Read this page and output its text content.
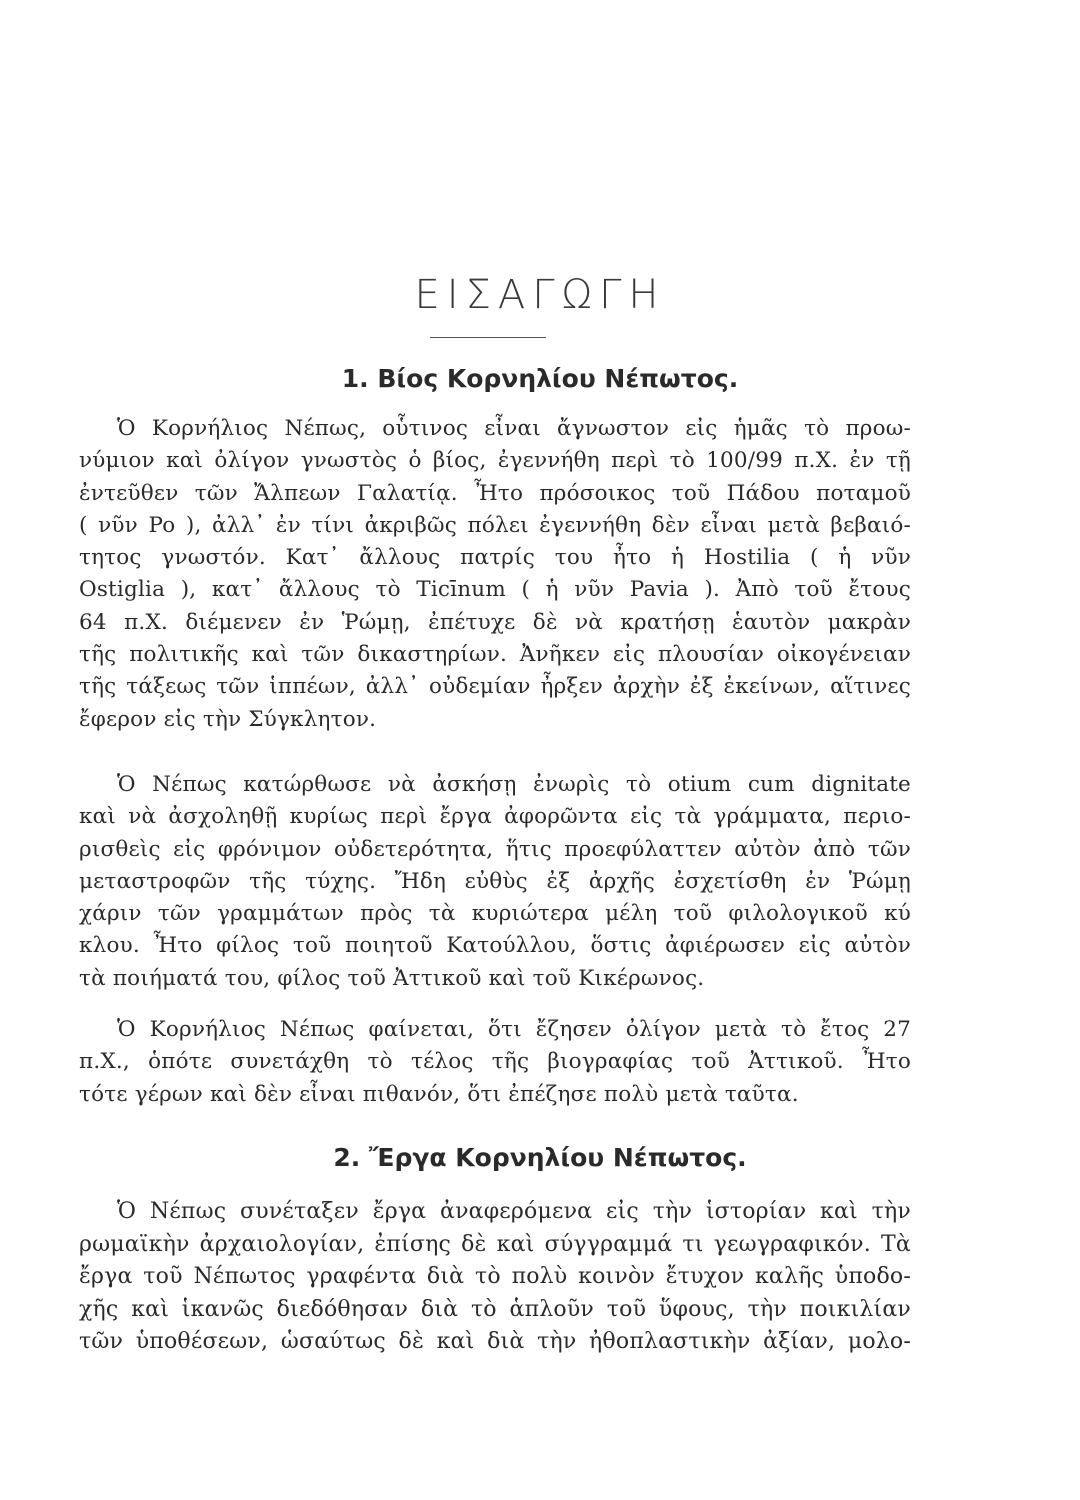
ΕΙΣΑΓΩΓΗ
1. Βίος Κορνηλίου Νέπωτος.
Ὁ Κορνήλιος Νέπως, οὗτινος εἶναι ἄγνωστον εἰς ἡμᾶς τὸ προω-
νύμιον καὶ ὀλίγον γνωστὸς ὁ βίος, ἐγεννήθη περὶ τὸ 100/99 π.Χ. ἐν τῇ
ἐντεῦθεν τῶν Ἄλπεων Γαλατίᾳ. Ἦτο πρόσοικος τοῦ Πάδου ποταμοῦ
( νῦν Po ), ἀλλ᾽ ἐν τίνι ἀκριβῶς πόλει ἐγεννήθη δὲν εἶναι μετὰ βεβαιό-
τητος γνωστόν. Κατ᾽ ἄλλους πατρίς του ἦτο ἡ Hostilia ( ἡ νῦν
Ostiglia ), κατ᾽ ἄλλους τὸ Ticīnum ( ἡ νῦν Pavia ). Ἀπὸ τοῦ ἔτους
64 π.Χ. διέμενεν ἐν Ῥώμῃ, ἐπέτυχε δὲ νὰ κρατήσῃ ἑαυτὸν μακρὰν
τῆς πολιτικῆς καὶ τῶν δικαστηρίων. Ἀνῆκεν εἰς πλουσίαν οἰκογένειαν
τῆς τάξεως τῶν ἱππέων, ἀλλ᾽ οὐδεμίαν ἦρξεν ἀρχὴν ἐξ ἐκείνων, αἵτινες
ἔφερον εἰς τὴν Σύγκλητον.
Ὁ Νέπως κατώρθωσε νὰ ἀσκήσῃ ἐνωρὶς τὸ otium cum dignitate
καὶ νὰ ἀσχοληθῇ κυρίως περὶ ἔργα ἀφορῶντα εἰς τὰ γράμματα, περιο-
ρισθεὶς εἰς φρόνιμον οὐδετερότητα, ἥτις προεφύλαττεν αὐτὸν ἀπὸ τῶν
μεταστροφῶν τῆς τύχης. Ἤδη εὐθὺς ἐξ ἀρχῆς ἐσχετίσθη ἐν Ῥώμῃ
χάριν τῶν γραμμάτων πρὸς τὰ κυριώτερα μέλη τοῦ φιλολογικοῦ κύ
κλου. Ἦτο φίλος τοῦ ποιητοῦ Κατούλλου, ὅστις ἀφιέρωσεν εἰς αὐτὸν
τὰ ποιήματά του, φίλος τοῦ Ἀττικοῦ καὶ τοῦ Κικέρωνος.
Ὁ Κορνήλιος Νέπως φαίνεται, ὅτι ἔζησεν ὀλίγον μετὰ τὸ ἔτος 27
π.Χ., ὁπότε συνετάχθη τὸ τέλος τῆς βιογραφίας τοῦ Ἀττικοῦ. Ἦτο
τότε γέρων καὶ δὲν εἶναι πιθανόν, ὅτι ἐπέζησε πολὺ μετὰ ταῦτα.
2. Ἔργα Κορνηλίου Νέπωτος.
Ὁ Νέπως συνέταξεν ἔργα ἀναφερόμενα εἰς τὴν ἱστορίαν καὶ τὴν
ρωμαϊκὴν ἀρχαιολογίαν, ἐπίσης δὲ καὶ σύγγραμμά τι γεωγραφικόν. Τὰ
ἔργα τοῦ Νέπωτος γραφέντα διὰ τὸ πολὺ κοινὸν ἔτυχον καλῆς ὑποδο-
χῆς καὶ ἱκανῶς διεδόθησαν διὰ τὸ ἁπλοῦν τοῦ ὕφους, τὴν ποικιλίαν
τῶν ὑποθέσεων, ὡσαύτως δὲ καὶ διὰ τὴν ἠθοπλαστικὴν ἀξίαν, μολο-
